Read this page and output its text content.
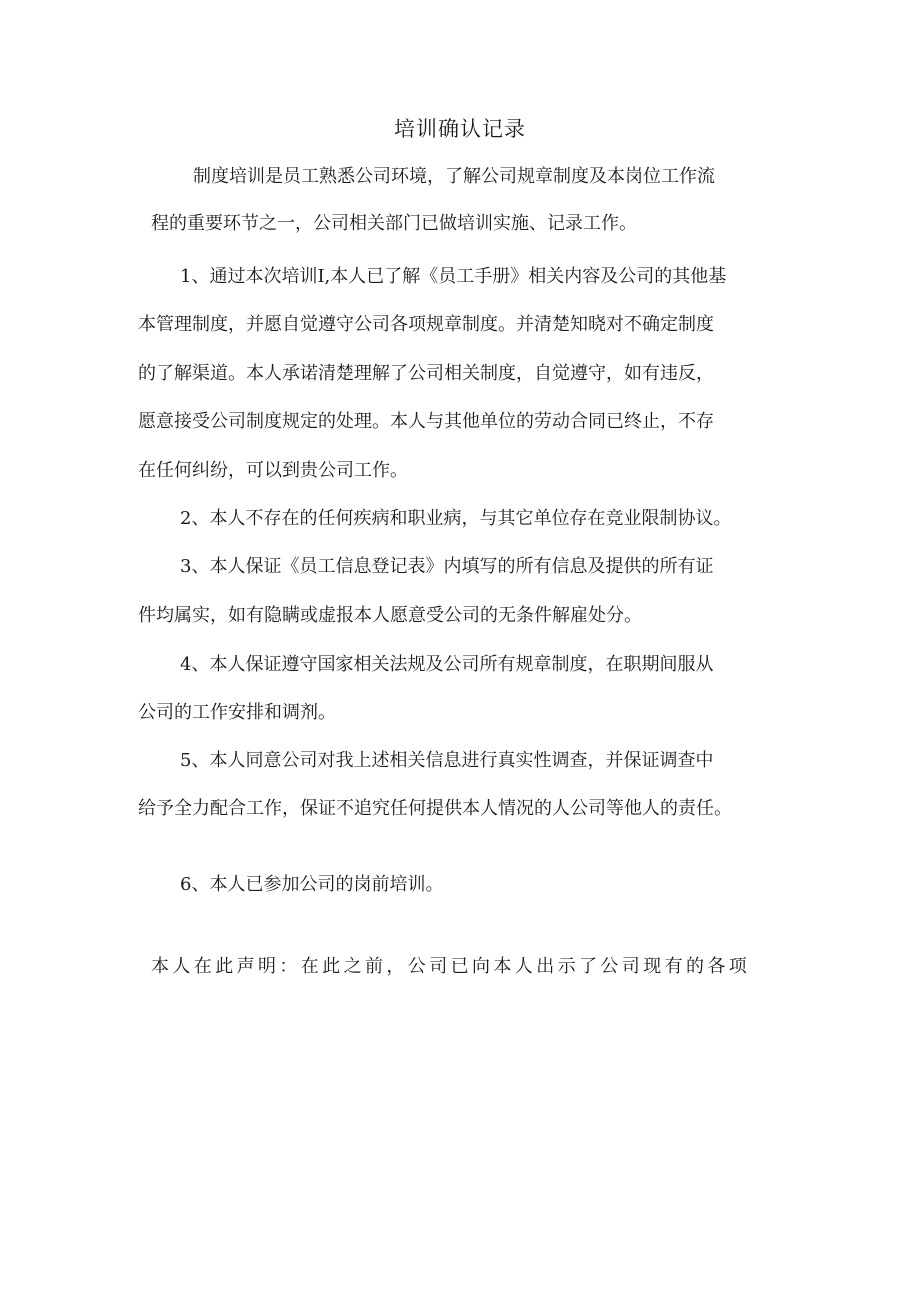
培训确认记录
制度培训是员工熟悉公司环境，了解公司规章制度及本岗位工作流
程的重要环节之一，公司相关部门已做培训实施、记录工作。
1、通过本次培训I,本人已了解《员工手册》相关内容及公司的其他基
本管理制度，并愿自觉遵守公司各项规章制度。并清楚知晓对不确定制度
的了解渠道。本人承诺清楚理解了公司相关制度，自觉遵守，如有违反，
愿意接受公司制度规定的处理。本人与其他单位的劳动合同已终止，不存
在任何纠纷，可以到贵公司工作。
2、本人不存在的任何疾病和职业病，与其它单位存在竞业限制协议。
3、本人保证《员工信息登记表》内填写的所有信息及提供的所有证
件均属实，如有隐瞒或虚报本人愿意受公司的无条件解雇处分。
4、本人保证遵守国家相关法规及公司所有规章制度，在职期间服从
公司的工作安排和调剂。
5、本人同意公司对我上述相关信息进行真实性调查，并保证调查中
给予全力配合工作，保证不追究任何提供本人情况的人公司等他人的责任。
6、本人已参加公司的岗前培训。
本人在此声明：在此之前，公司已向本人出示了公司现有的各项
